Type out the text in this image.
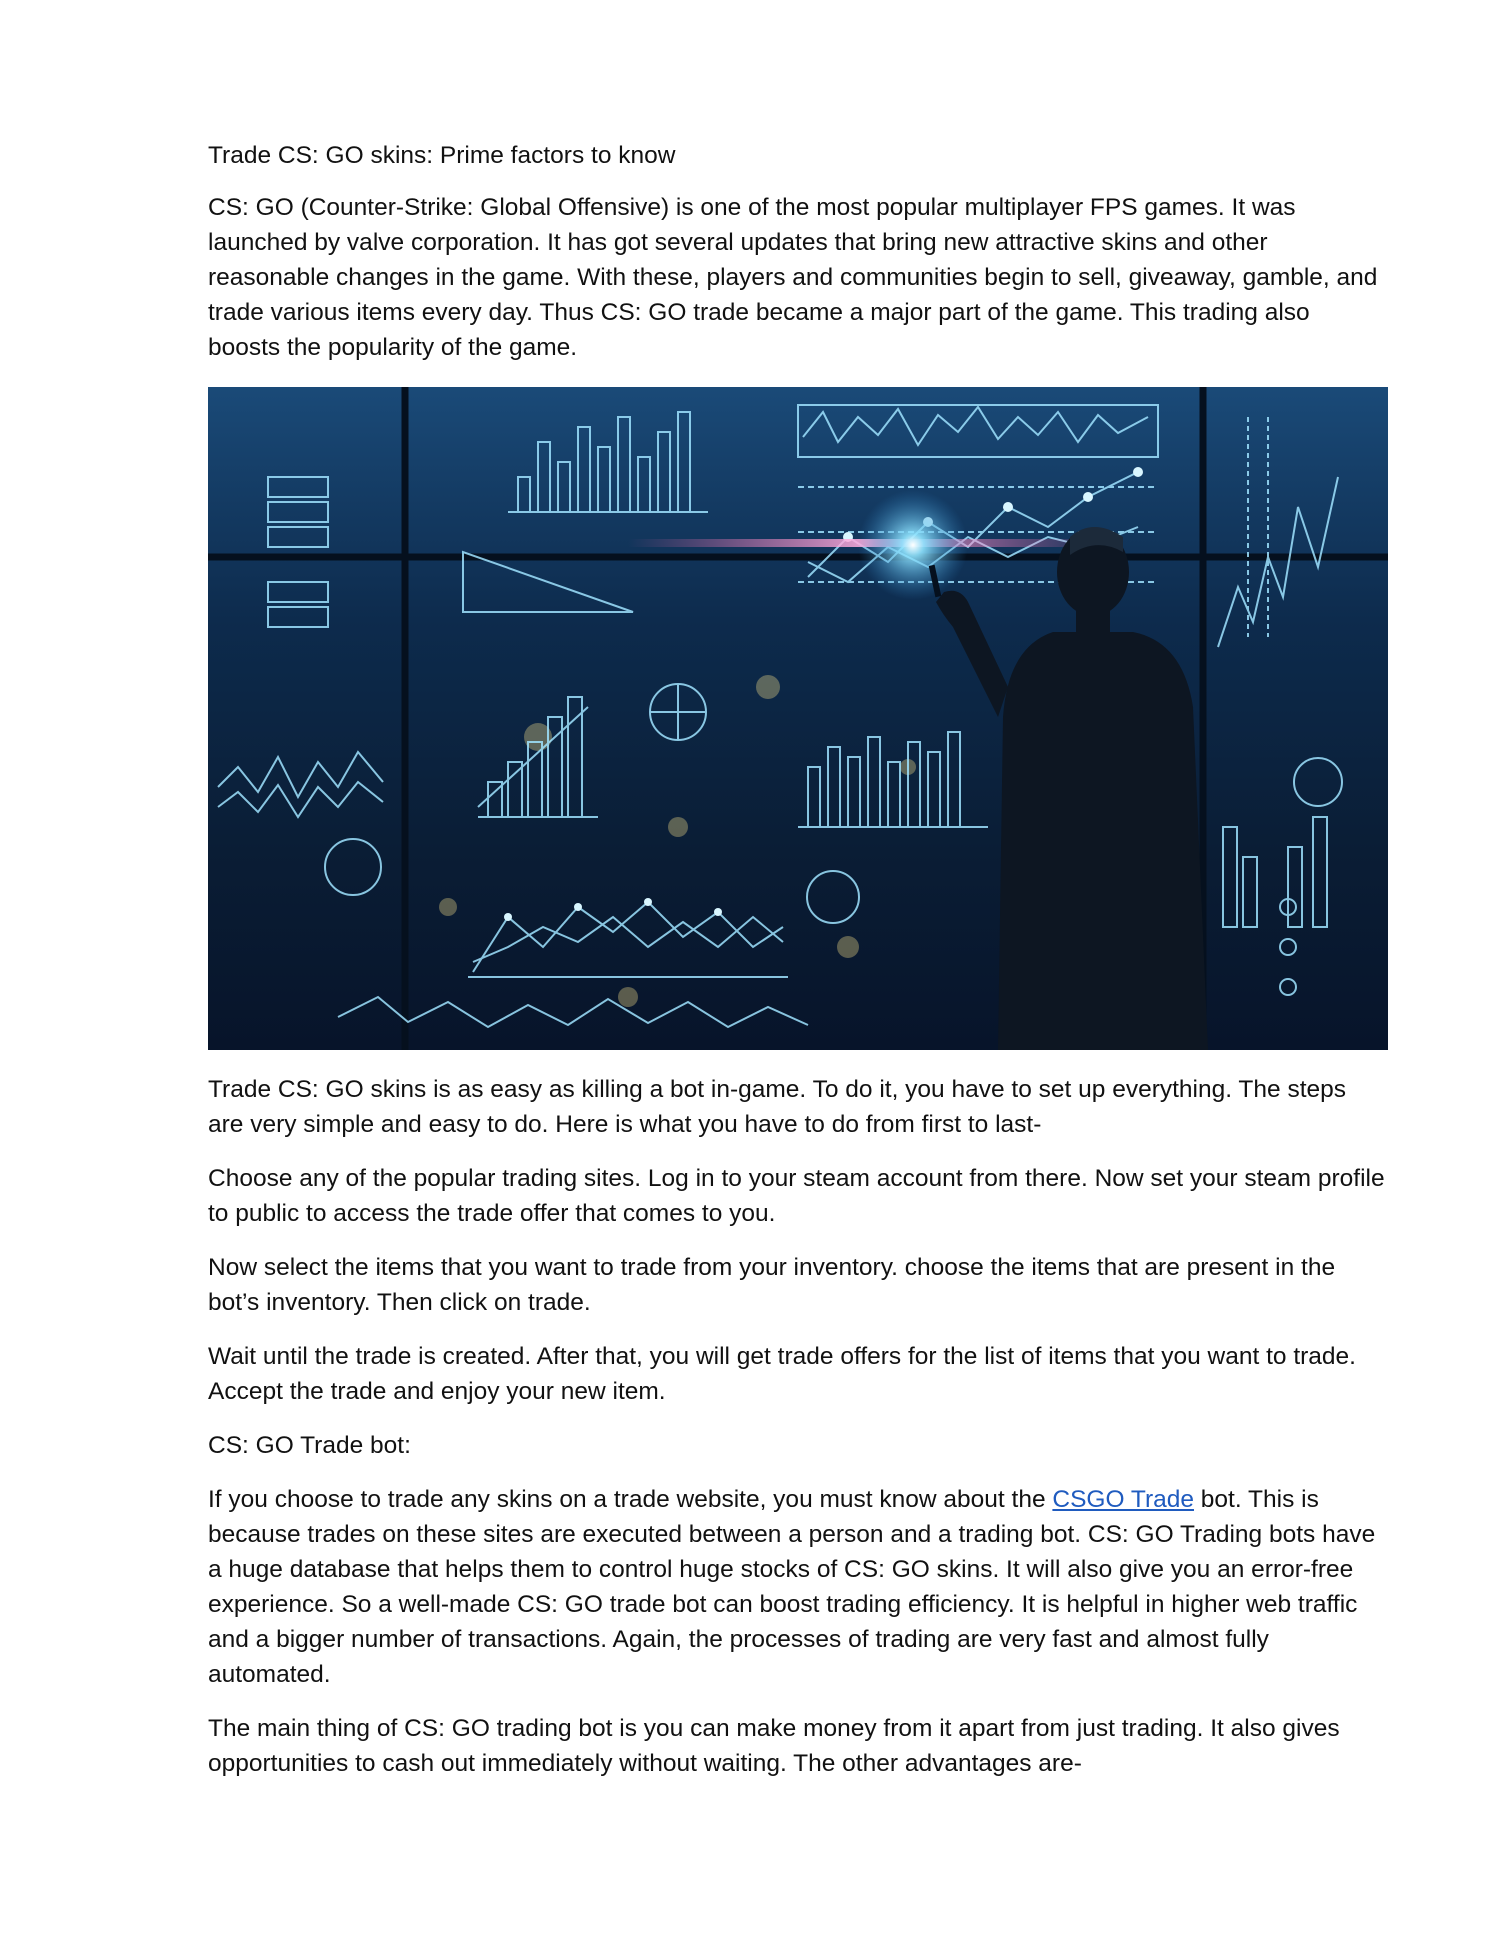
Trade CS: GO skins: Prime factors to know

CS: GO (Counter-Strike: Global Offensive) is one of the most popular multiplayer FPS games. It was launched by valve corporation. It has got several updates that bring new attractive skins and other reasonable changes in the game. With these, players and communities begin to sell, giveaway, gamble, and trade various items every day. Thus CS: GO trade became a major part of the game. This trading also boosts the popularity of the game.

Trade CS: GO skins is as easy as killing a bot in-game. To do it, you have to set up everything. The steps are very simple and easy to do. Here is what you have to do from first to last-

Choose any of the popular trading sites. Log in to your steam account from there. Now set your steam profile to public to access the trade offer that comes to you.

Now select the items that you want to trade from your inventory. choose the items that are present in the bot’s inventory. Then click on trade.

Wait until the trade is created. After that, you will get trade offers for the list of items that you want to trade. Accept the trade and enjoy your new item.

CS: GO Trade bot:

If you choose to trade any skins on a trade website, you must know about the CSGO Trade bot. This is because trades on these sites are executed between a person and a trading bot. CS: GO Trading bots have a huge database that helps them to control huge stocks of CS: GO skins. It will also give you an error-free experience. So a well-made CS: GO trade bot can boost trading efficiency. It is helpful in higher web traffic and a bigger number of transactions. Again, the processes of trading are very fast and almost fully automated.

The main thing of CS: GO trading bot is you can make money from it apart from just trading. It also gives opportunities to cash out immediately without waiting. The other advantages are-
